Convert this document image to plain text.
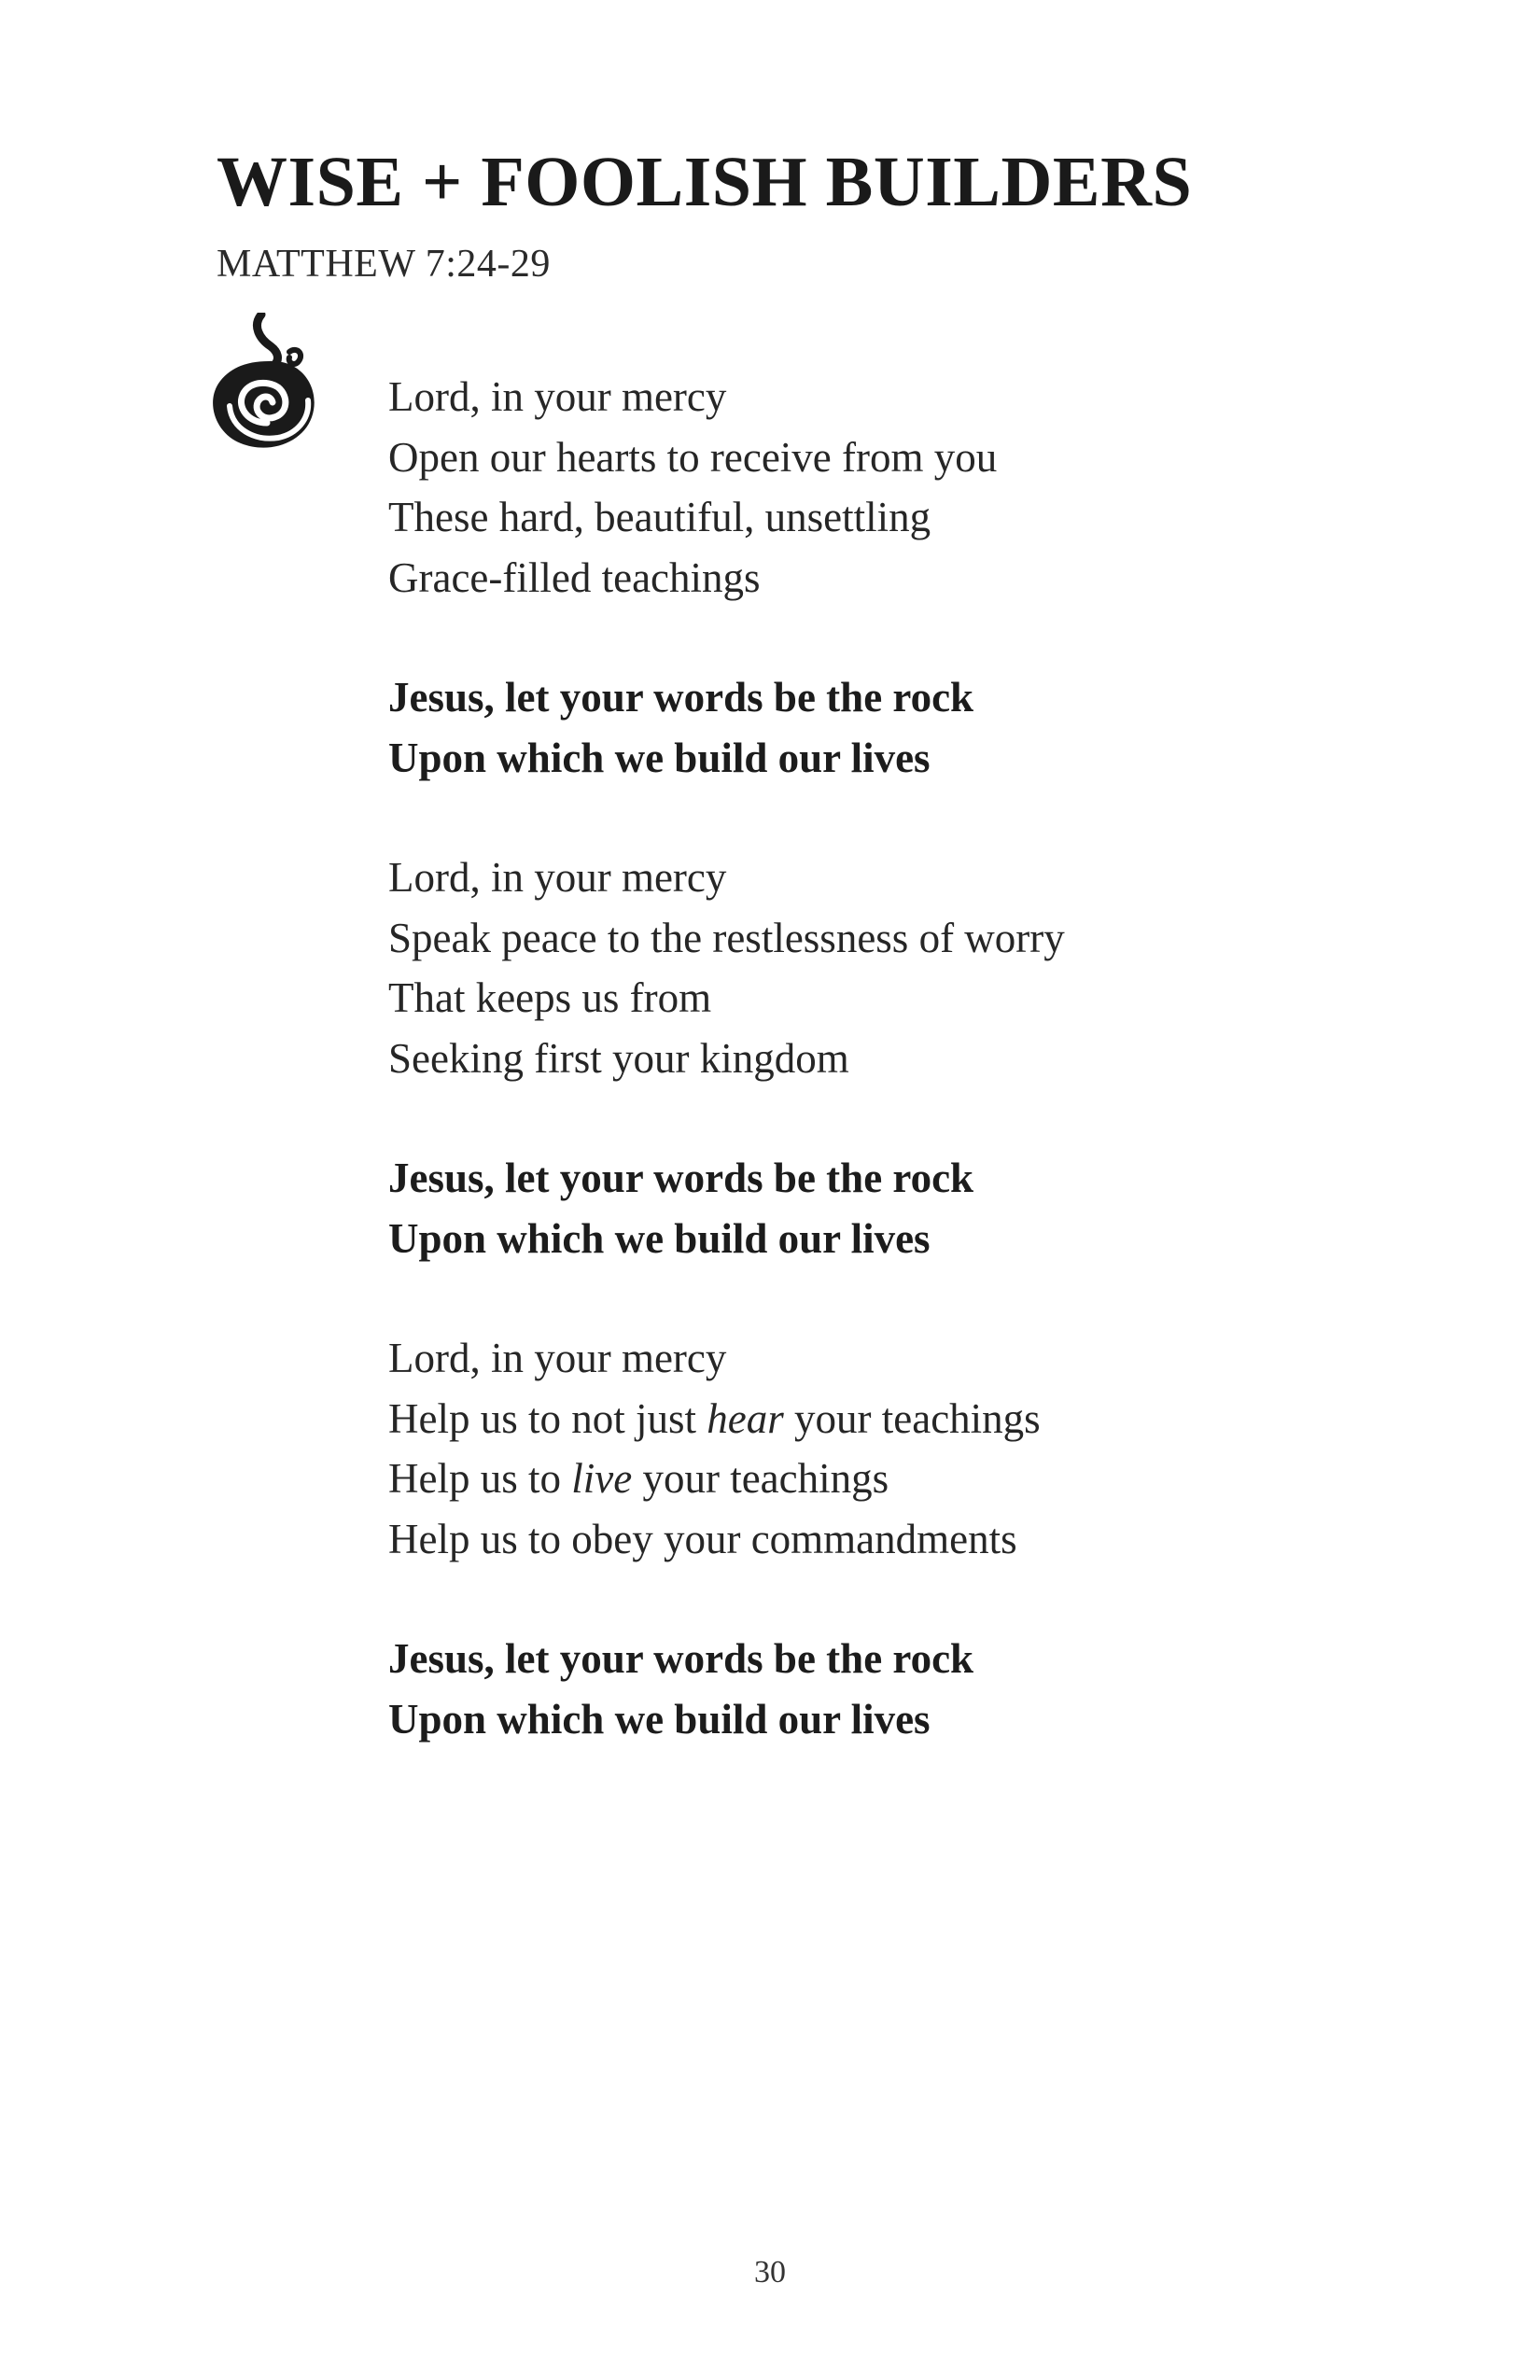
WISE + FOOLISH BUILDERS
MATTHEW 7:24-29
Lord, in your mercy
Open our hearts to receive from you
These hard, beautiful, unsettling
Grace-filled teachings
Jesus, let your words be the rock
Upon which we build our lives
Lord, in your mercy
Speak peace to the restlessness of worry
That keeps us from
Seeking first your kingdom
Jesus, let your words be the rock
Upon which we build our lives
Lord, in your mercy
Help us to not just hear your teachings
Help us to live your teachings
Help us to obey your commandments
Jesus, let your words be the rock
Upon which we build our lives
30
